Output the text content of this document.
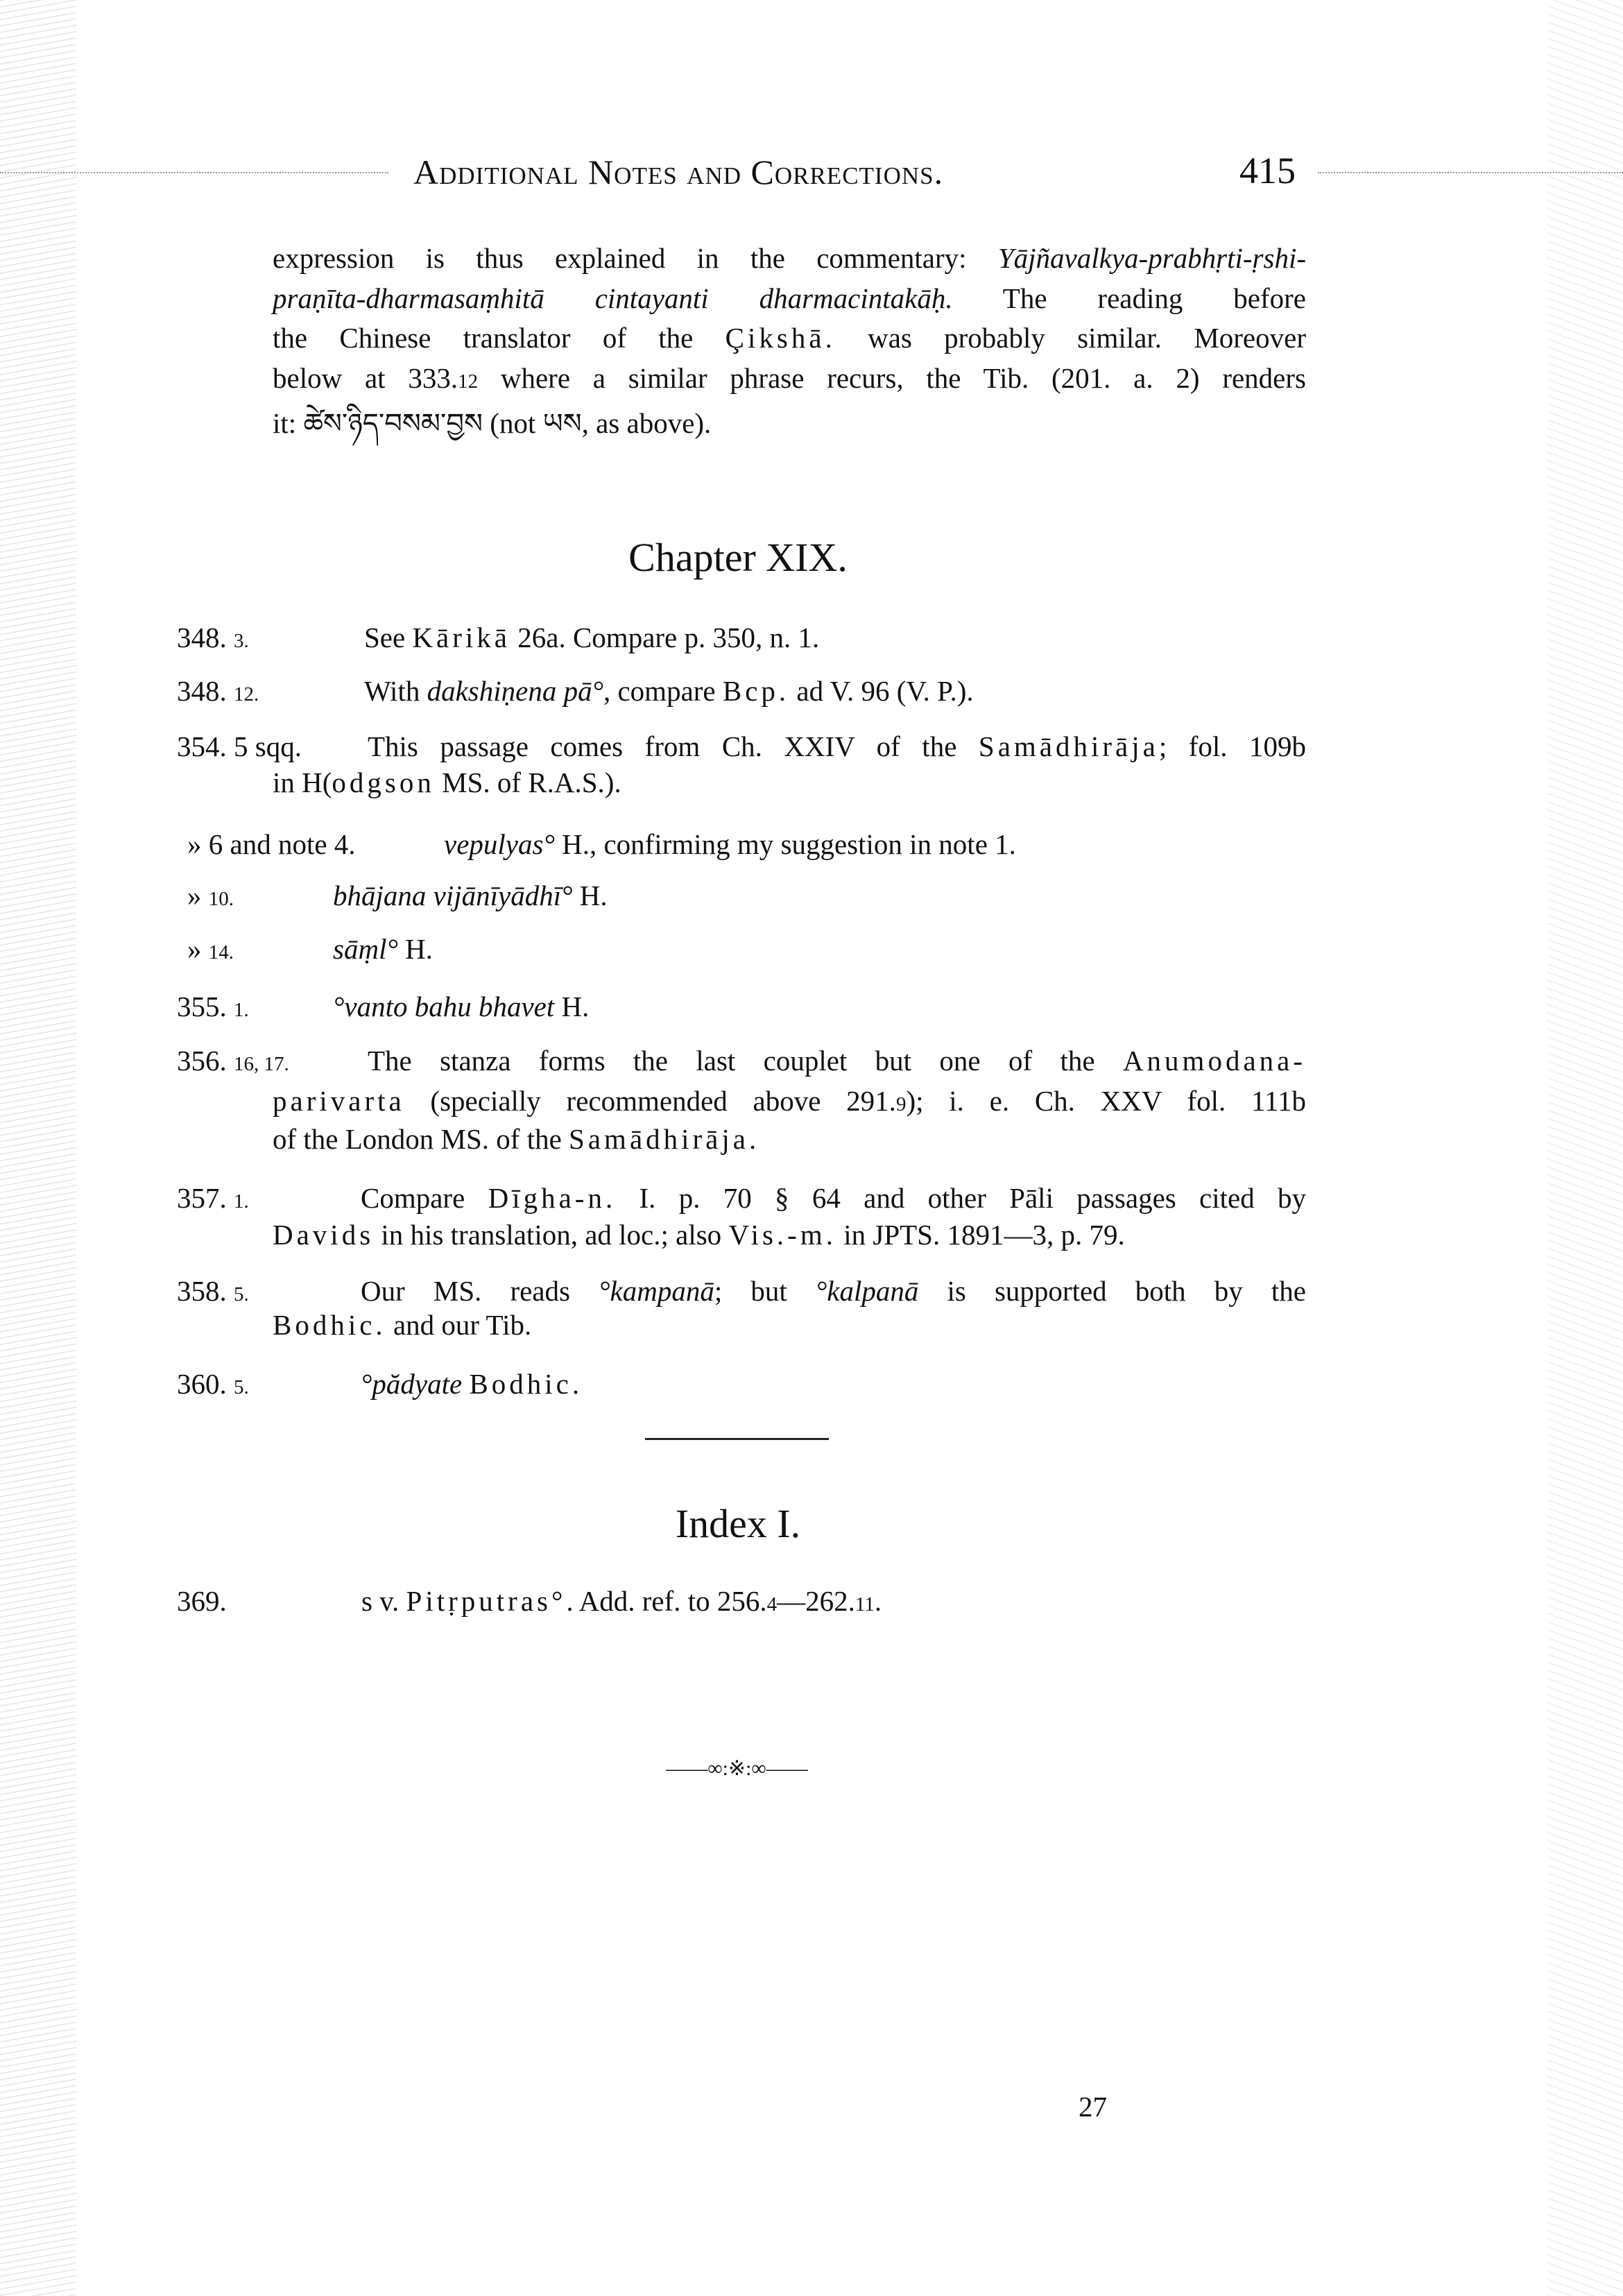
Additional Notes and Corrections.	415
expression is thus explained in the commentary: Yājñavalkya-prabhṛti-ṛshi-
praṇīta-dharmasaṃhitā cintayanti dharmacintakāḥ. The reading before
the Chinese translator of the Çikshā. was probably similar. Moreover
below at 333.12 where a similar phrase recurs, the Tib. (201. a. 2) renders
it: ཚེས་ཉིད་བསམ་བྱས (not ཡས, as above).​
Chapter XIX.
348. 3.	See Kārikā 26a. Compare p. 350, n. 1.
348. 12.	With dakshiṇena pā°, compare Bcp. ad V. 96 (V. P.).
354. 5 sqq. This passage comes from Ch. XXIV of the Samādhirāja; fol. 109b
in H(odgson MS. of R.A.S.).
» 6 and note 4.	vepulyas° H., confirming my suggestion in note 1.
» 10.	bhājana vijānīyādhī° H.
» 14.	sāṃl° H.
355. 1.	°vanto bahu bhavet H.
356. 16, 17.	The stanza forms the last couplet but one of the Anumodana-
parivarta (specially recommended above 291.9); i. e. Ch. XXV fol. 111b
of the London MS. of the Samādhirāja.
357. 1.	Compare Dīgha-n. I. p. 70 § 64 and other Pāli passages cited by
Davids in his translation, ad loc.; also Vis.-m. in JPTS. 1891—3, p. 79.
358. 5.	Our MS. reads °kampanā; but °kalpanā is supported both by the
Bodhic. and our Tib.
360. 5.	°pădyate Bodhic.
Index I.
369.	s v. Pitṛputras°. Add. ref. to 256.4—262.11.
——∞:※:∞——
27
